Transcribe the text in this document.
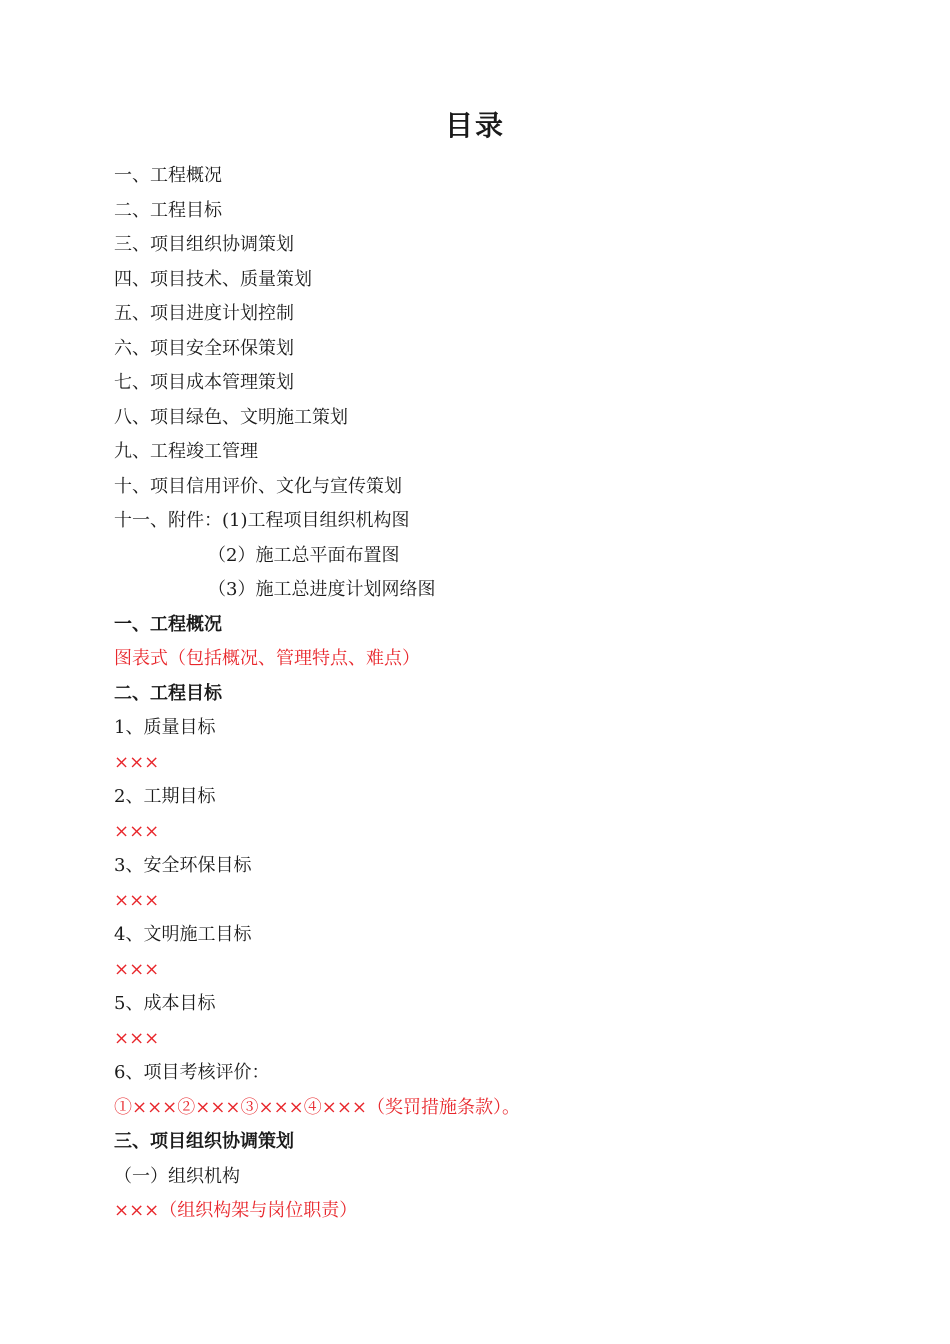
目录
一、工程概况
二、工程目标
三、项目组织协调策划
四、项目技术、质量策划
五、项目进度计划控制
六、项目安全环保策划
七、项目成本管理策划
八、项目绿色、文明施工策划
九、工程竣工管理
十、项目信用评价、文化与宣传策划
十一、附件：(1)工程项目组织机构图
（2）施工总平面布置图
（3）施工总进度计划网络图
一、工程概况
图表式（包括概况、管理特点、难点）
二、工程目标
1、质量目标
×××
2、工期目标
×××
3、安全环保目标
×××
4、文明施工目标
×××
5、成本目标
×××
6、项目考核评价：
①×××②×××③×××④×××（奖罚措施条款）。
三、项目组织协调策划
（一）组织机构
×××（组织构架与岗位职责）
